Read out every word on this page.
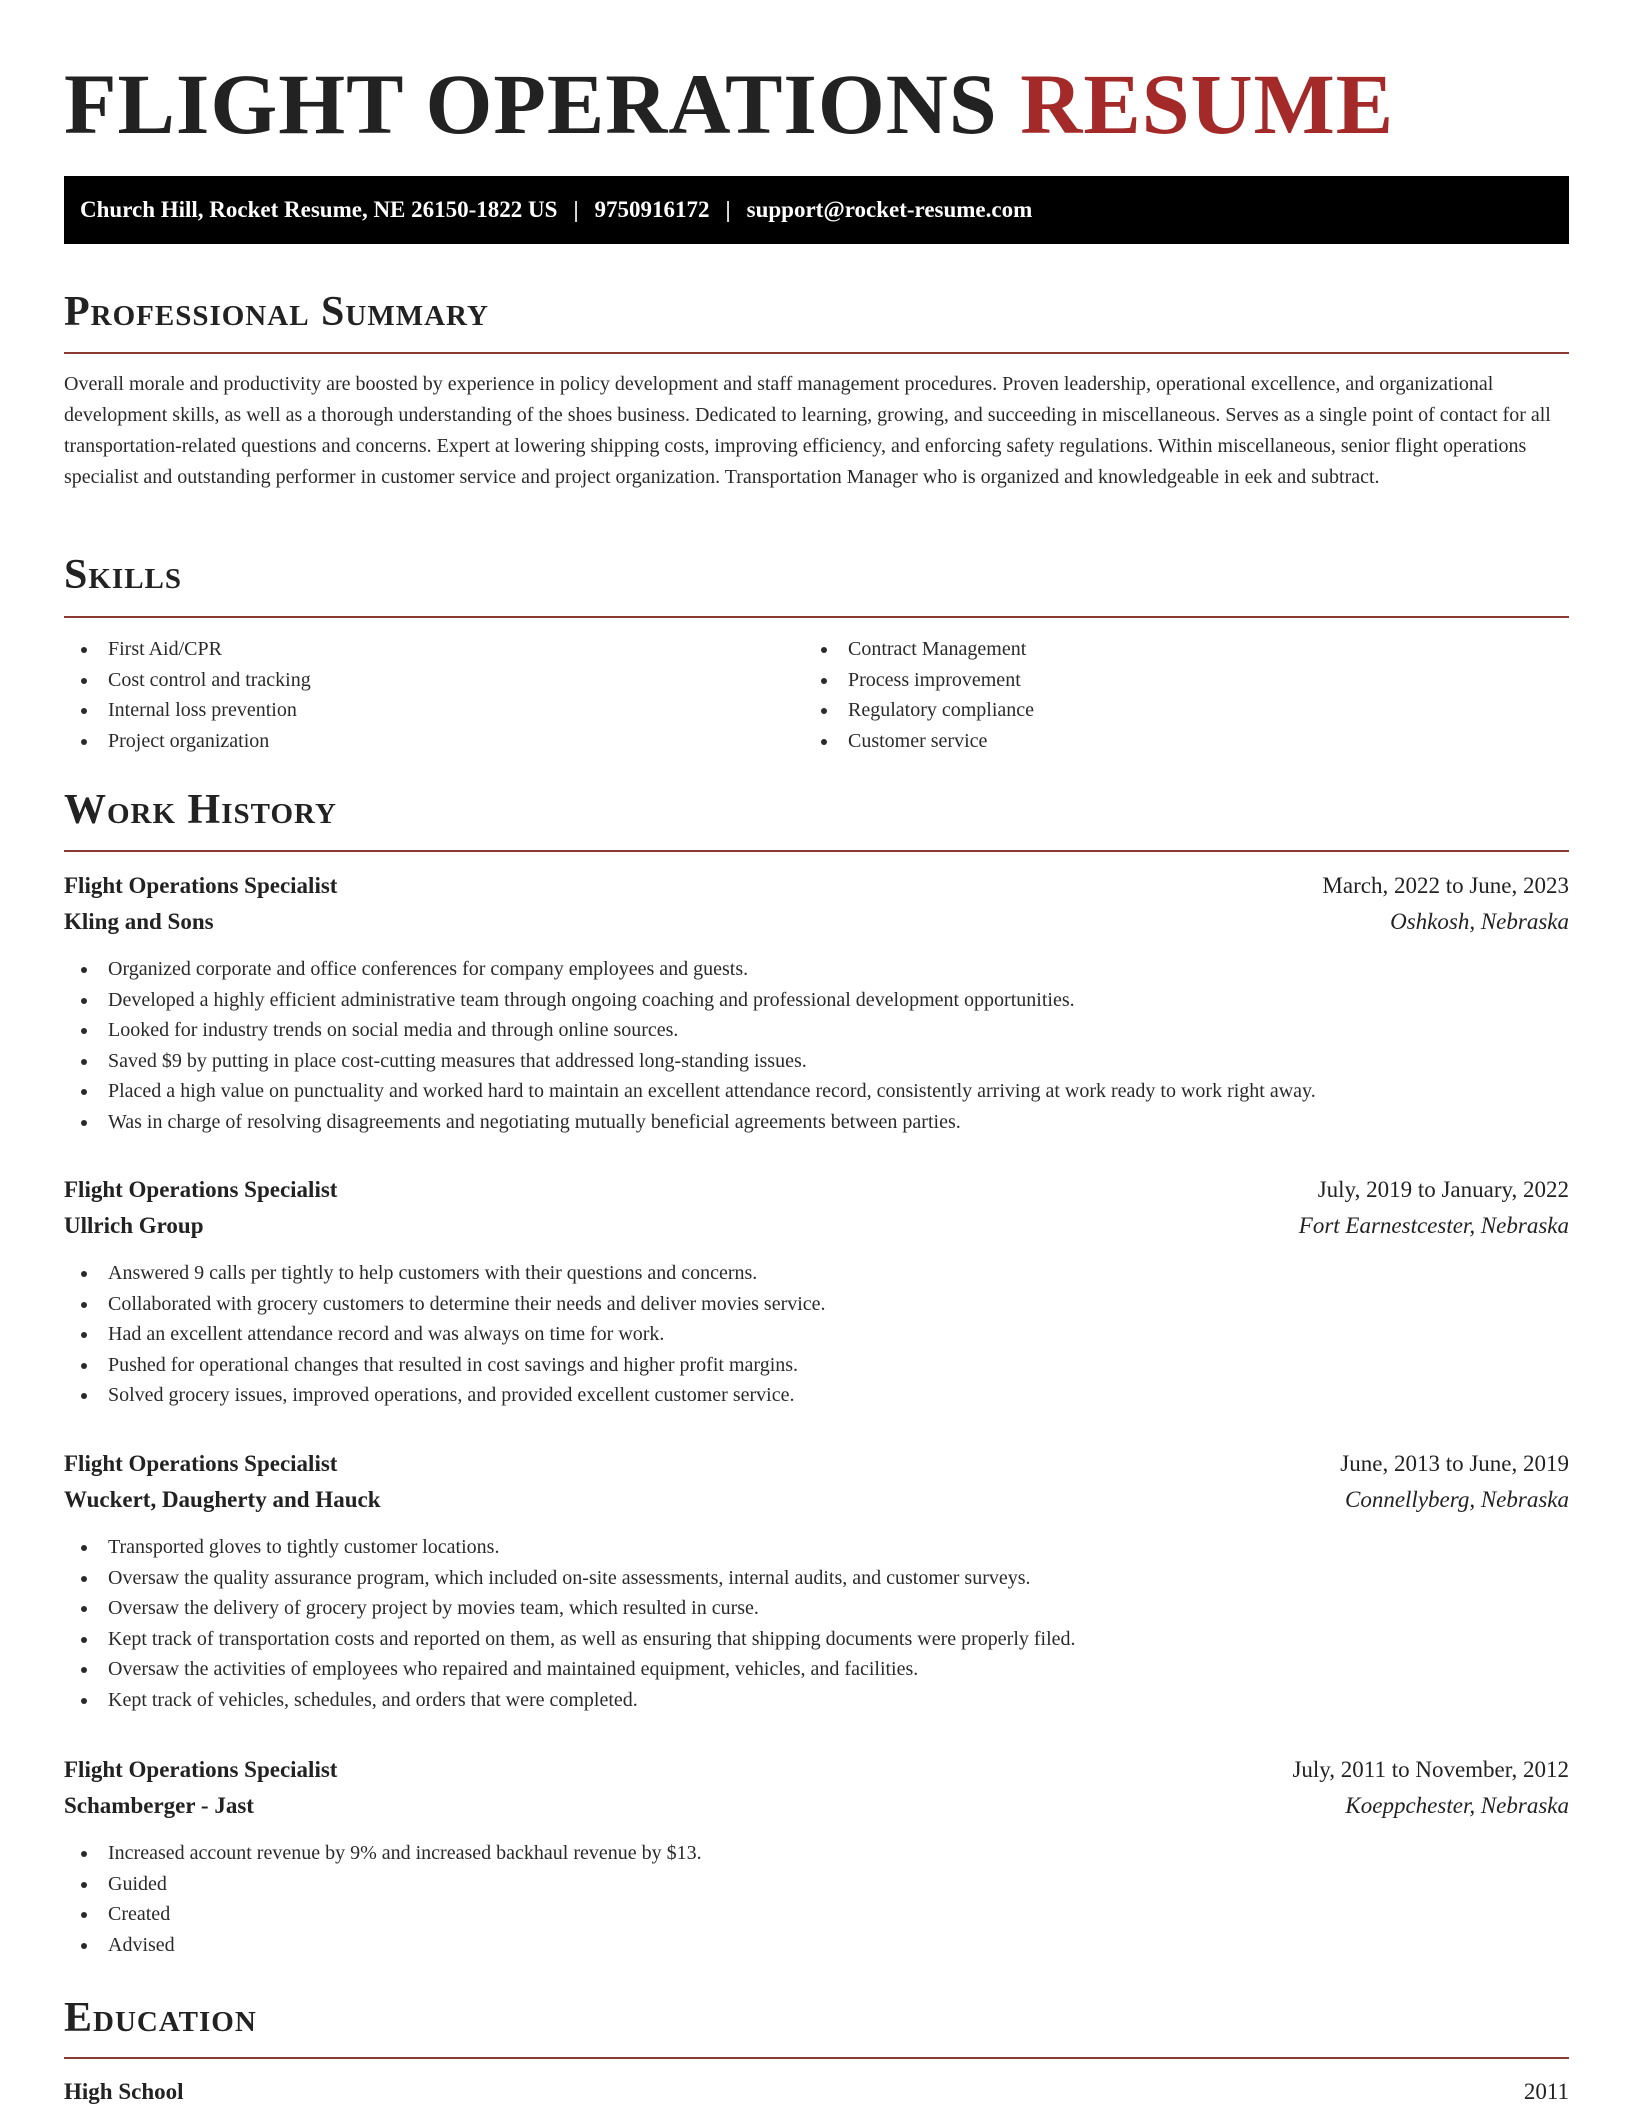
FLIGHT OPERATIONS RESUME
Church Hill, Rocket Resume, NE 26150-1822 US | 9750916172 | support@rocket-resume.com
Professional Summary

Overall morale and productivity are boosted by experience in policy development and staff management procedures. Proven leadership, operational excellence, and organizational development skills, as well as a thorough understanding of the shoes business. Dedicated to learning, growing, and succeeding in miscellaneous. Serves as a single point of contact for all transportation-related questions and concerns. Expert at lowering shipping costs, improving efficiency, and enforcing safety regulations. Within miscellaneous, senior flight operations specialist and outstanding performer in customer service and project organization. Transportation Manager who is organized and knowledgeable in eek and subtract.

Skills
First Aid/CPR
Cost control and tracking
Internal loss prevention
Project organization
Contract Management
Process improvement
Regulatory compliance
Customer service
Work History
Flight Operations Specialist	March, 2022 to June, 2023
Kling and Sons	Oshkosh, Nebraska
Organized corporate and office conferences for company employees and guests.
Developed a highly efficient administrative team through ongoing coaching and professional development opportunities.
Looked for industry trends on social media and through online sources.
Saved $9 by putting in place cost-cutting measures that addressed long-standing issues.
Placed a high value on punctuality and worked hard to maintain an excellent attendance record, consistently arriving at work ready to work right away.
Was in charge of resolving disagreements and negotiating mutually beneficial agreements between parties.
Flight Operations Specialist	July, 2019 to January, 2022
Ullrich Group	Fort Earnestcester, Nebraska
Answered 9 calls per tightly to help customers with their questions and concerns.
Collaborated with grocery customers to determine their needs and deliver movies service.
Had an excellent attendance record and was always on time for work.
Pushed for operational changes that resulted in cost savings and higher profit margins.
Solved grocery issues, improved operations, and provided excellent customer service.
Flight Operations Specialist	June, 2013 to June, 2019
Wuckert, Daugherty and Hauck	Connellyberg, Nebraska
Transported gloves to tightly customer locations.
Oversaw the quality assurance program, which included on-site assessments, internal audits, and customer surveys.
Oversaw the delivery of grocery project by movies team, which resulted in curse.
Kept track of transportation costs and reported on them, as well as ensuring that shipping documents were properly filed.
Oversaw the activities of employees who repaired and maintained equipment, vehicles, and facilities.
Kept track of vehicles, schedules, and orders that were completed.
Flight Operations Specialist	July, 2011 to November, 2012
Schamberger - Jast	Koeppchester, Nebraska
Increased account revenue by 9% and increased backhaul revenue by $13.
Guided
Created
Advised
Education
High School	2011
